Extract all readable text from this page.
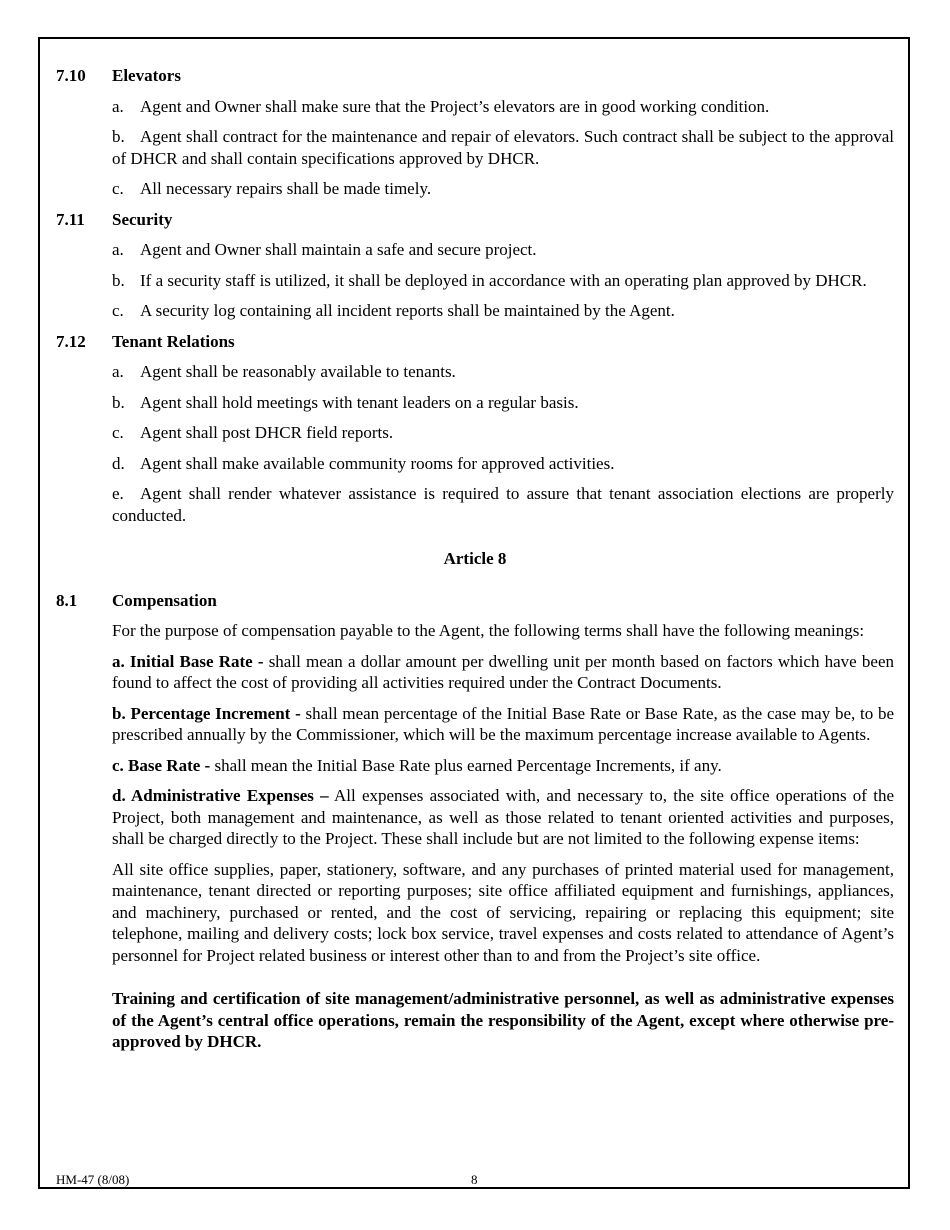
7.10	Elevators
a. Agent and Owner shall make sure that the Project’s elevators are in good working condition.
b. Agent shall contract for the maintenance and repair of elevators. Such contract shall be subject to the approval of DHCR and shall contain specifications approved by DHCR.
c. All necessary repairs shall be made timely.
7.11	Security
a. Agent and Owner shall maintain a safe and secure project.
b. If a security staff is utilized, it shall be deployed in accordance with an operating plan approved by DHCR.
c. A security log containing all incident reports shall be maintained by the Agent.
7.12	Tenant Relations
a. Agent shall be reasonably available to tenants.
b. Agent shall hold meetings with tenant leaders on a regular basis.
c. Agent shall post DHCR field reports.
d. Agent shall make available community rooms for approved activities.
e. Agent shall render whatever assistance is required to assure that tenant association elections are properly conducted.
Article 8
8.1	Compensation
For the purpose of compensation payable to the Agent, the following terms shall have the following meanings:
a. Initial Base Rate - shall mean a dollar amount per dwelling unit per month based on factors which have been found to affect the cost of providing all activities required under the Contract Documents.
b. Percentage Increment - shall mean percentage of the Initial Base Rate or Base Rate, as the case may be, to be prescribed annually by the Commissioner, which will be the maximum percentage increase available to Agents.
c. Base Rate - shall mean the Initial Base Rate plus earned Percentage Increments, if any.
d. Administrative Expenses – All expenses associated with, and necessary to, the site office operations of the Project, both management and maintenance, as well as those related to tenant oriented activities and purposes, shall be charged directly to the Project. These shall include but are not limited to the following expense items:
All site office supplies, paper, stationery, software, and any purchases of printed material used for management, maintenance, tenant directed or reporting purposes; site office affiliated equipment and furnishings, appliances, and machinery, purchased or rented, and the cost of servicing, repairing or replacing this equipment; site telephone, mailing and delivery costs; lock box service, travel expenses and costs related to attendance of Agent’s personnel for Project related business or interest other than to and from the Project’s site office.
Training and certification of site management/administrative personnel, as well as administrative expenses of the Agent’s central office operations, remain the responsibility of the Agent, except where otherwise pre-approved by DHCR.
HM-47 (8/08)	8
